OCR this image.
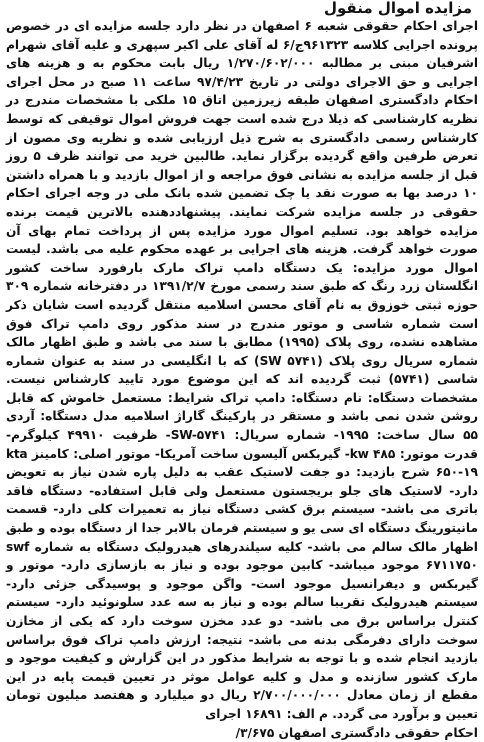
مزایده اموال منقول

اجرای احکام حقوقی شعبه ۶ اصفهان در نظر دارد جلسه مزایده ای در خصوص پرونده اجرایی کلاسه ۹۶۱۳۲۳ج/۶ له آقای علی اکبر سپهری و علیه آقای شهرام اشرفیان مبنی بر مطالبه ۱/۲۷۰/۶۰۲/۰۰۰ ریال بابت محکوم به و هزینه های اجرایی و حق الاجرای دولتی در تاریخ ۹۷/۴/۲۳ ساعت ۱۱ صبح در محل اجرای احکام دادگستری اصفهان طبقه زیرزمین اتاق ۱۵ ملکی با مشخصات مندرج در نظریه کارشناسی که ذیلا درج شده است جهت فروش اموال توقیفی که توسط کارشناس رسمی دادگستری به شرح ذیل ارزیابی شده و نظریه وی مصون از تعرض طرفین واقع گردیده برگزار نماید. طالبین خرید می توانند ظرف ۵ روز قبل از جلسه مزایده به نشانی فوق مراجعه و از اموال بازدید و با همراه داشتن ۱۰ درصد بها به صورت نقد یا چک تضمین شده بانک ملی در وجه اجرای احکام حقوقی در جلسه مزایده شرکت نمایند. پیشنهاددهنده بالاترین قیمت برنده مزایده خواهد بود. تسلیم اموال مورد مزایده پس از پرداخت تمام بهای آن صورت خواهد گرفت. هزینه های اجرایی بر عهده محکوم علیه می باشد. لیست اموال مورد مزایده: یک دستگاه دامپ تراک مارک بارفورد ساخت کشور انگلستان زرد رنگ که طبق سند رسمی مورخ ۱۳۹۱/۲/۷ در دفترخانه شماره ۳۰۹ حوزه ثبتی خوزوق به نام آقای محسن اسلامیه منتقل گردیده است شایان ذکر است شماره شاسی و موتور مندرج در سند مذکور روی دامپ تراک فوق مشاهده نشده، روی پلاک (۱۹۹۵) مطابق با سند می باشد و طبق اظهار مالک شماره سریال روی پلاک (SW ۵۷۴۱) که با انگلیسی در سند به عنوان شماره شاسی (۵۷۴۱) ثبت گردیده اند که این موضوع مورد تایید کارشناس نیست. مشخصات دستگاه: نام دستگاه: دامپ تراک شرایط: مستعمل خاموش که قابل روشن شدن نمی باشد و مستقر در پارکینگ گاراژ اسلامیه مدل دستگاه: آردی ۵۵ سال ساخت: ۱۹۹۵- شماره سریال: SW-۵۷۴۱- ظرفیت ۴۹۹۱۰ کیلوگرم- قدرت موتور: kw ۴۸۵- گیربکس آلیسون ساخت آمریکا- موتور اصلی: کامینز kta ۶۵۰-۱۹ شرح بازدید: دو جفت لاستیک عقب به دلیل پاره شدن نیاز به تعویض دارد- لاستیک های جلو بریجستون مستعمل ولی قابل استفاده- دستگاه فاقد باتری می باشد- سیستم برق کشی دستگاه نیاز به تعمیرات کلی دارد- قسمت مانیتورینگ دستگاه ای سی یو و سیستم فرمان بالابر جدا از دستگاه بوده و طبق اظهار مالک سالم می باشد- کلیه سیلندرهای هیدرولیک دستگاه به شماره swf ۶۷۱۱۷۵۰ موجود میباشد- کابین موجود بوده و نیاز به بازسازی دارد- موتور و گیربکس و دیفرانسیل موجود است- واگن موجود و پوسیدگی جزئی دارد- سیستم هیدرولیک تقریبا سالم بوده و نیاز به سه عدد سلونوئید دارد- سیستم کنترل براساس برق می باشد- دو عدد مخزن سوخت دارد که یکی از مخازن سوخت دارای دفرمگی بدنه می باشد- نتیجه: ارزش دامپ تراک فوق براساس بازدید انجام شده و با توجه به شرایط مذکور در این گزارش و کیفیت موجود و مارک کشور سازنده و مدل و کلیه عوامل موثر در تعیین قیمت پایه در این مقطع از زمان معادل ۲/۷۰۰/۰۰۰/۰۰۰ ریال دو میلیارد و هفتصد میلیون تومان تعیین و برآورد می گردد. م الف: ۱۶۸۹۱ اجرای

احکام حقوقی دادگستری اصفهان ۳/۶۷۵/
